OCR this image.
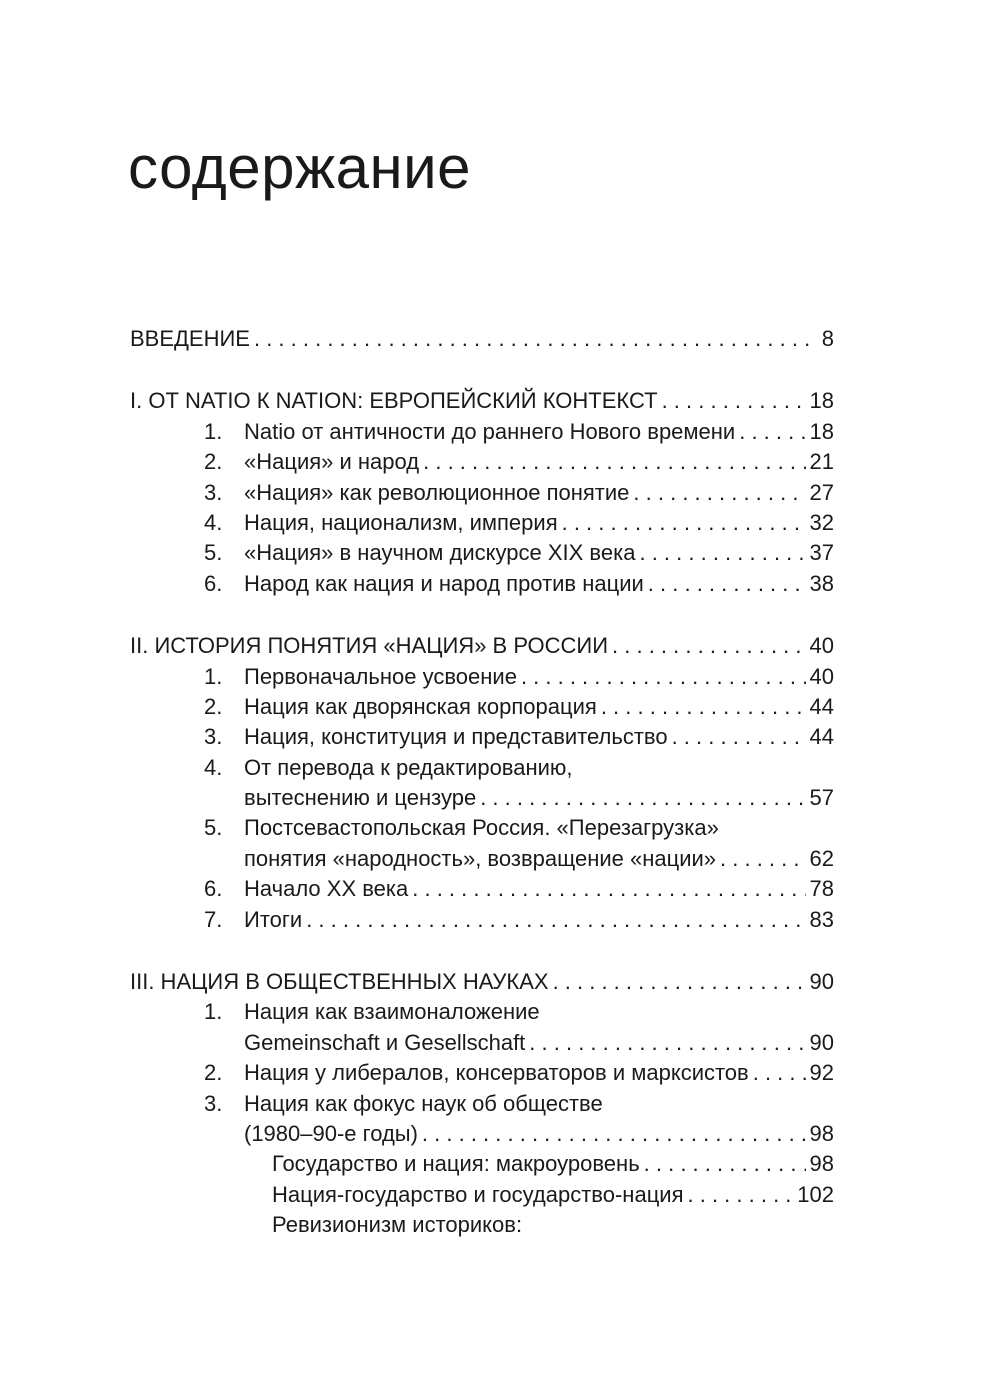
содержание
ВВЕДЕНИЕ . . .	8
I. ОТ NATIO К NATION: ЕВРОПЕЙСКИЙ КОНТЕКСТ . . .	18
1. Natio от античности до раннего Нового времени . . .	18
2. «Нация» и народ . . .	21
3. «Нация» как революционное понятие . . .	27
4. Нация, национализм, империя . . .	32
5. «Нация» в научном дискурсе XIX века . . .	37
6. Народ как нация и народ против нации . . .	38
II. ИСТОРИЯ ПОНЯТИЯ «НАЦИЯ» В РОССИИ . . .	40
1. Первоначальное усвоение . . .	40
2. Нация как дворянская корпорация . . .	44
3. Нация, конституция и представительство . . .	44
4. От перевода к редактированию,
вытеснению и цензуре . . .	57
5. Постсевастопольская Россия. «Перезагрузка»
понятия «народность», возвращение «нации» . . .	62
6. Начало XX века . . .	78
7. Итоги . . .	83
III. НАЦИЯ В ОБЩЕСТВЕННЫХ НАУКАХ . . .	90
1. Нация как взаимоналожение
Gemeinschaft и Gesellschaft . . .	90
2. Нация у либералов, консерваторов и марксистов . . .	92
3. Нация как фокус наук об обществе
(1980–90-е годы) . . .	98
Государство и нация: макроуровень . . .	98
Нация-государство и государство-нация . . .	102
Ревизионизм историков:
